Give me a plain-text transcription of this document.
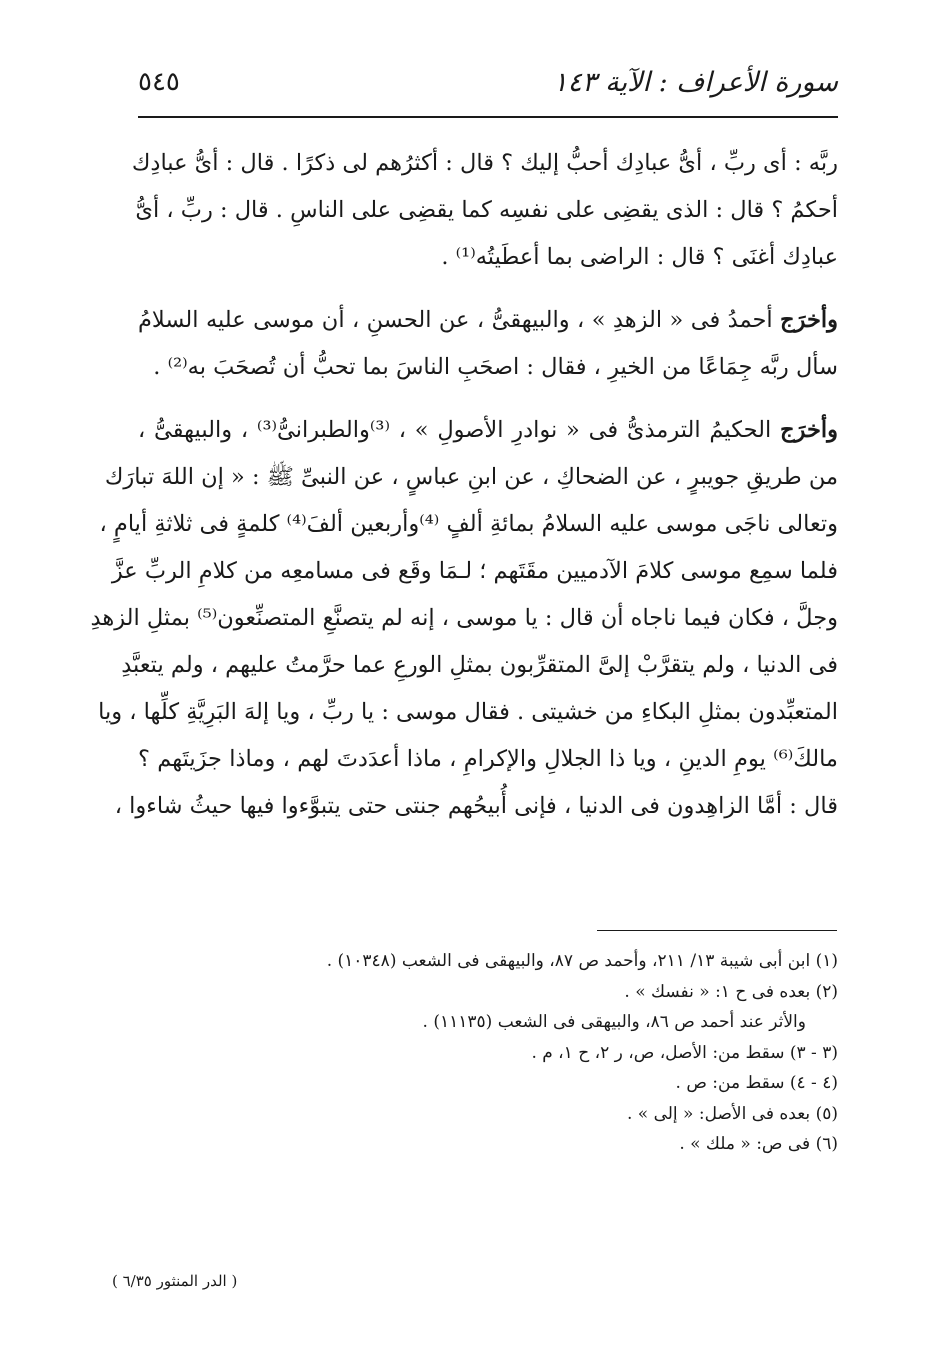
سورة الأعراف : الآية ١٤٣
٥٤٥
ربَّه : أى ربِّ ، أىُّ عبادِك أحبُّ إليك ؟ قال : أكثرُهم لى ذكرًا . قال : أىُّ عبادِك
أحكمُ ؟ قال : الذى يقضِى على نفسِه كما يقضِى على الناسِ . قال : ربِّ ، أىُّ
عبادِك أغنَى ؟ قال : الراضى بما أعطَيتُه⁽¹⁾ .
وأخرَج أحمدُ فى « الزهدِ » ، والبيهقىُّ ، عن الحسنِ ، أن موسى عليه السلامُ
سأل ربَّه جِمَاعًا من الخيرِ ، فقال : اصحَبِ الناسَ بما تحبُّ أن تُصحَبَ به⁽²⁾ .
وأخرَج الحكيمُ الترمذىُّ فى « نوادرِ الأصولِ » ، ⁽³⁾والطبرانىُّ⁽³⁾ ، والبيهقىُّ ،
من طريقِ جويبرٍ ، عن الضحاكِ ، عن ابنِ عباسٍ ، عن النبىِّ ﷺ : « إن اللهَ تبارَك
وتعالى ناجَى موسى عليه السلامُ بمائةِ ألفٍ ⁽⁴⁾وأربعين ألفَ⁽⁴⁾ كلمةٍ فى ثلاثةِ أيامٍ ،
فلما سمِع موسى كلامَ الآدميين مقَتَهم ؛ لـمَا وقَع فى مسامعِه من كلامِ الربِّ عزَّ
وجلَّ ، فكان فيما ناجاه أن قال : يا موسى ، إنه لم يتصنَّعِ المتصنِّعون⁽⁵⁾ بمثلِ الزهدِ
فى الدنيا ، ولم يتقرَّبْ إلىَّ المتقرِّبون بمثلِ الورعِ عما حرَّمتُ عليهم ، ولم يتعبَّدِ
المتعبِّدون بمثلِ البكاءِ من خشيتى . فقال موسى : يا ربِّ ، ويا إلهَ البَرِيَّةِ كلِّها ، ويا
مالكَ⁽⁶⁾ يومِ الدينِ ، ويا ذا الجلالِ والإكرامِ ، ماذا أعدَدتَ لهم ، وماذا جزَيتَهم ؟
قال : أمَّا الزاهِدون فى الدنيا ، فإنى أُبيحُهم جنتى حتى يتبوَّءوا فيها حيثُ شاءوا ،
(١) ابن أبى شيبة ١٣/ ٢١١، وأحمد ص ٨٧، والبيهقى فى الشعب (١٠٣٤٨) .
(٢) بعده فى ح ١: « نفسك » .
والأثر عند أحمد ص ٨٦، والبيهقى فى الشعب (١١١٣٥) .
(٣ - ٣) سقط من: الأصل، ص، ر ٢، ح ١، م .
(٤ - ٤) سقط من: ص .
(٥) بعده فى الأصل: « إلى » .
(٦) فى ص: « ملك » .
( الدر المنثور ٦/٣٥ )
